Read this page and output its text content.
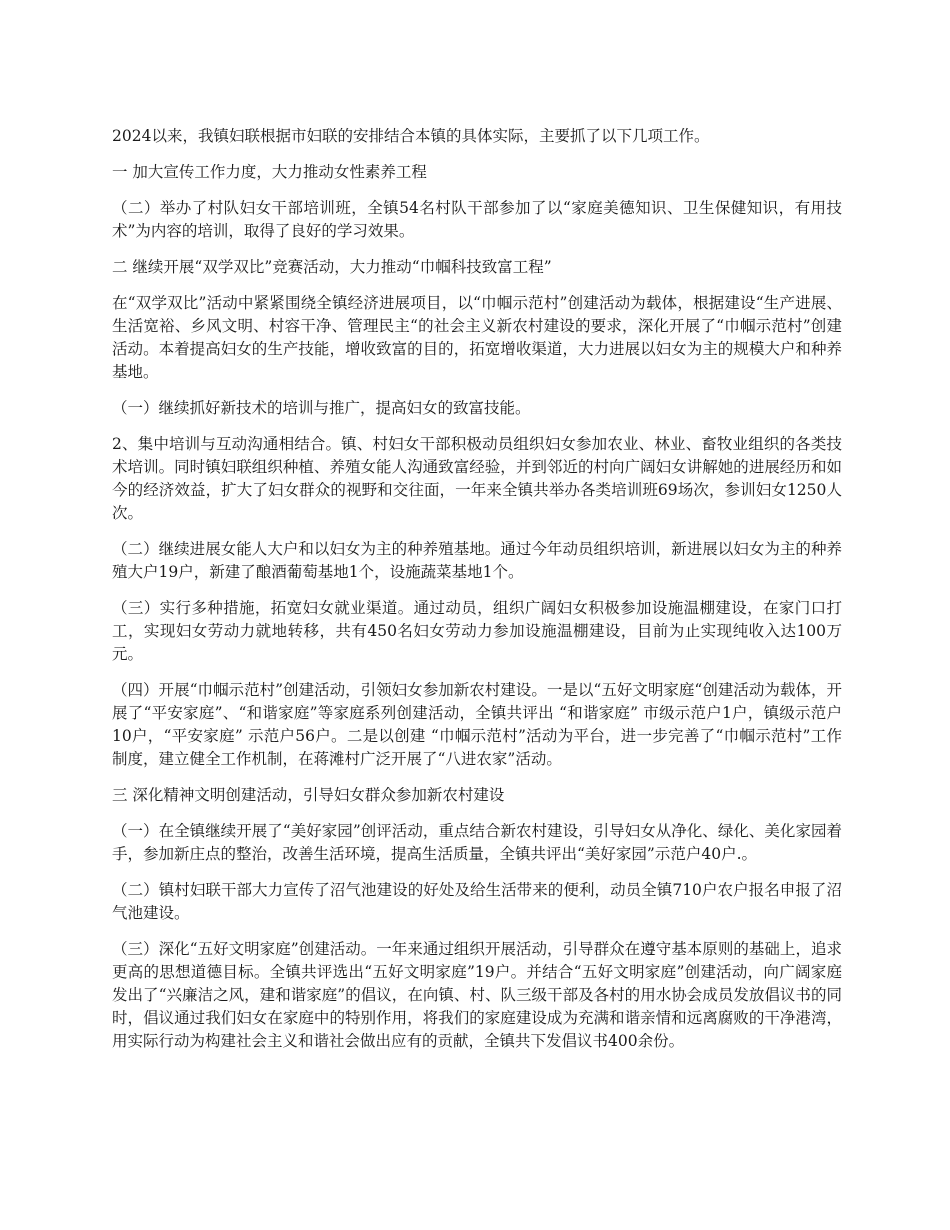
2024以来，我镇妇联根据市妇联的安排结合本镇的具体实际，主要抓了以下几项工作。

一 加大宣传工作力度，大力推动女性素养工程

（二）举办了村队妇女干部培训班，全镇54名村队干部参加了以“家庭美德知识、卫生保健知识，有用技术”为内容的培训，取得了良好的学习效果。

二 继续开展“双学双比”竞赛活动，大力推动“巾帼科技致富工程”

在“双学双比”活动中紧紧围绕全镇经济进展项目，以“巾帼示范村”创建活动为载体，根据建设“生产进展、生活宽裕、乡风文明、村容干净、管理民主“的社会主义新农村建设的要求，深化开展了“巾帼示范村”创建活动。本着提高妇女的生产技能，增收致富的目的，拓宽增收渠道，大力进展以妇女为主的规模大户和种养基地。

（一）继续抓好新技术的培训与推广，提高妇女的致富技能。

2、集中培训与互动沟通相结合。镇、村妇女干部积极动员组织妇女参加农业、林业、畜牧业组织的各类技术培训。同时镇妇联组织种植、养殖女能人沟通致富经验，并到邻近的村向广阔妇女讲解她的进展经历和如今的经济效益，扩大了妇女群众的视野和交往面，一年来全镇共举办各类培训班69场次，参训妇女1250人次。

（二）继续进展女能人大户和以妇女为主的种养殖基地。通过今年动员组织培训，新进展以妇女为主的种养殖大户19户，新建了酿酒葡萄基地1个，设施蔬菜基地1个。

（三）实行多种措施，拓宽妇女就业渠道。通过动员，组织广阔妇女积极参加设施温棚建设，在家门口打工，实现妇女劳动力就地转移，共有450名妇女劳动力参加设施温棚建设，目前为止实现纯收入达100万元。

（四）开展“巾帼示范村”创建活动，引领妇女参加新农村建设。一是以“五好文明家庭“创建活动为载体，开展了“平安家庭”、“和谐家庭”等家庭系列创建活动，全镇共评出 “和谐家庭” 市级示范户1户，镇级示范户10户，“平安家庭” 示范户56户。二是以创建 “巾帼示范村”活动为平台，进一步完善了“巾帼示范村”工作制度，建立健全工作机制，在蒋滩村广泛开展了“八进农家”活动。

三 深化精神文明创建活动，引导妇女群众参加新农村建设

（一）在全镇继续开展了“美好家园”创评活动，重点结合新农村建设，引导妇女从净化、绿化、美化家园着手，参加新庄点的整治，改善生活环境，提高生活质量，全镇共评出“美好家园”示范户40户.。

（二）镇村妇联干部大力宣传了沼气池建设的好处及给生活带来的便利，动员全镇710户农户报名申报了沼气池建设。

（三）深化“五好文明家庭”创建活动。一年来通过组织开展活动，引导群众在遵守基本原则的基础上，追求更高的思想道德目标。全镇共评选出“五好文明家庭”19户。并结合“五好文明家庭”创建活动，向广阔家庭发出了“兴廉洁之风，建和谐家庭”的倡议，在向镇、村、队三级干部及各村的用水协会成员发放倡议书的同时，倡议通过我们妇女在家庭中的特别作用，将我们的家庭建设成为充满和谐亲情和远离腐败的干净港湾，用实际行动为构建社会主义和谐社会做出应有的贡献，全镇共下发倡议书400余份。
